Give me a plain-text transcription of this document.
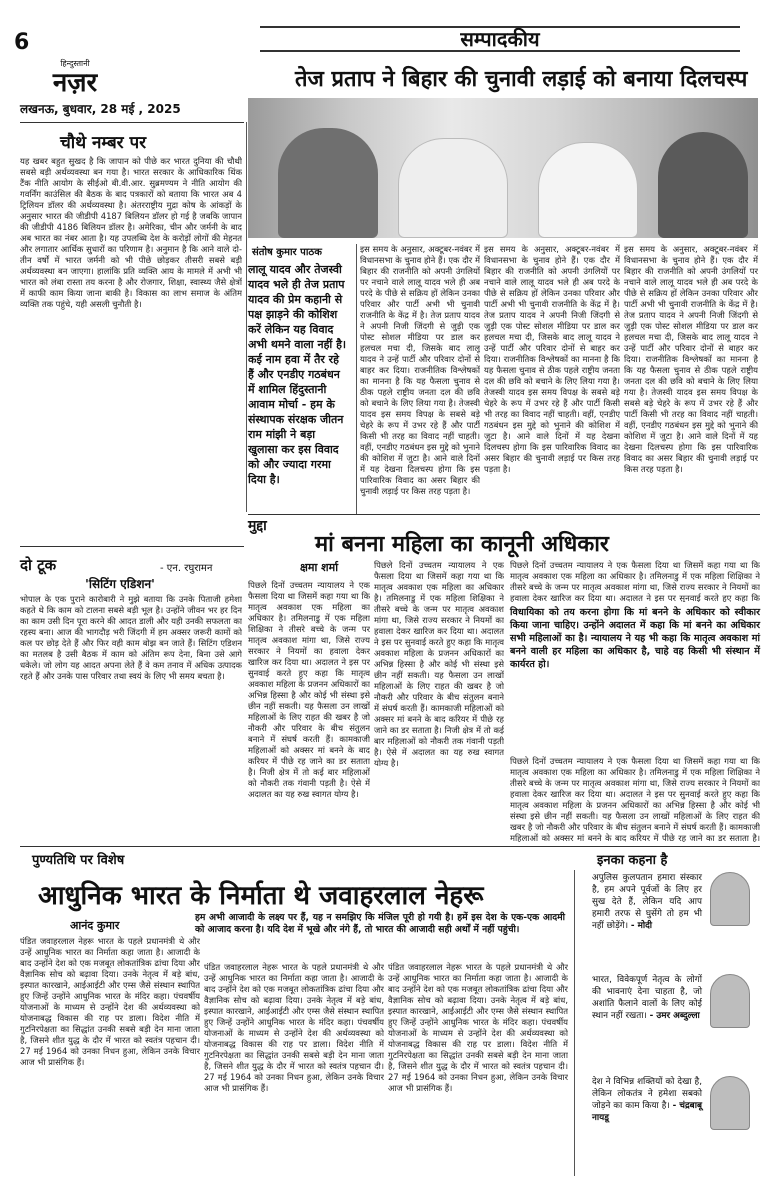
6	सम्पादकीय
हिन्दुस्तानी
नज़र
लखनऊ, बुधवार, 28 मई , 2025
तेज प्रताप ने बिहार की चुनावी लड़ाई को बनाया दिलचस्प
चौथे नम्बर पर
यह खबर बहुत सुखद है कि जापान को पीछे कर भारत दुनिया की चौथी सबसे बड़ी अर्थव्यवस्था बन गया है। भारत सरकार के आधिकारिक थिंक टैंक नीति आयोग के सीईओ बी.वी.आर. सुब्रमण्यम ने नीति आयोग की गवर्निंग काउंसिल की बैठक के बाद पत्रकारों को बताया कि भारत अब 4 ट्रिलियन डॉलर की अर्थव्यवस्था है। अंतरराष्ट्रीय मुद्रा कोष के आंकड़ों के अनुसार भारत की जीडीपी 4187 बिलियन डॉलर हो गई है जबकि जापान की जीडीपी 4186 बिलियन डॉलर है। अमेरिका, चीन और जर्मनी के बाद अब भारत का नंबर आता है। यह उपलब्धि देश के करोड़ों लोगों की मेहनत और लगातार आर्थिक सुधारों का परिणाम है। अनुमान है कि आने वाले दो-तीन वर्षों में भारत जर्मनी को भी पीछे छोड़कर तीसरी सबसे बड़ी अर्थव्यवस्था बन जाएगा। हालांकि प्रति व्यक्ति आय के मामले में अभी भी भारत को लंबा रास्ता तय करना है और रोजगार, शिक्षा, स्वास्थ्य जैसे क्षेत्रों में काफी काम किया जाना बाकी है। विकास का लाभ समाज के अंतिम व्यक्ति तक पहुंचे, यही असली चुनौती है।
संतोष कुमार पाठक
लालू यादव और तेजस्वी यादव भले ही तेज प्रताप यादव की प्रेम कहानी से पक्ष झाड़ने की कोशिश करें लेकिन यह विवाद अभी थमने वाला नहीं है। कई नाम हवा में तैर रहे हैं और एनडीए गठबंधन में शामिल हिंदुस्तानी आवाम मोर्चा - हम के संस्थापक संरक्षक जीतन राम मांझी ने बड़ा खुलासा कर इस विवाद को और ज्यादा गरमा दिया है।
इस समय के अनुसार, अक्टूबर-नवंबर में विधानसभा के चुनाव होने हैं। एक दौर में बिहार की राजनीति को अपनी उंगलियों पर नचाने वाले लालू यादव भले ही अब परदे के पीछे से सक्रिय हों लेकिन उनका परिवार और पार्टी अभी भी चुनावी राजनीति के केंद्र में है। तेज प्रताप यादव ने अपनी निजी जिंदगी से जुड़ी एक पोस्ट सोशल मीडिया पर डाल कर हलचल मचा दी, जिसके बाद लालू यादव ने उन्हें पार्टी और परिवार दोनों से बाहर कर दिया। राजनीतिक विश्लेषकों का मानना है कि यह फैसला चुनाव से ठीक पहले राष्ट्रीय जनता दल की छवि को बचाने के लिए लिया गया है। तेजस्वी यादव इस समय विपक्ष के सबसे बड़े चेहरे के रूप में उभर रहे हैं और पार्टी किसी भी तरह का विवाद नहीं चाहती। वहीं, एनडीए गठबंधन इस मुद्दे को भुनाने की कोशिश में जुटा है। आने वाले दिनों में यह देखना दिलचस्प होगा कि इस पारिवारिक विवाद का असर बिहार की चुनावी लड़ाई पर किस तरह पड़ता है।
इस समय के अनुसार, अक्टूबर-नवंबर में विधानसभा के चुनाव होने हैं। एक दौर में बिहार की राजनीति को अपनी उंगलियों पर नचाने वाले लालू यादव भले ही अब परदे के पीछे से सक्रिय हों लेकिन उनका परिवार और पार्टी अभी भी चुनावी राजनीति के केंद्र में है। तेज प्रताप यादव ने अपनी निजी जिंदगी से जुड़ी एक पोस्ट सोशल मीडिया पर डाल कर हलचल मचा दी, जिसके बाद लालू यादव ने उन्हें पार्टी और परिवार दोनों से बाहर कर दिया। राजनीतिक विश्लेषकों का मानना है कि यह फैसला चुनाव से ठीक पहले राष्ट्रीय जनता दल की छवि को बचाने के लिए लिया गया है। तेजस्वी यादव इस समय विपक्ष के सबसे बड़े चेहरे के रूप में उभर रहे हैं और पार्टी किसी भी तरह का विवाद नहीं चाहती। वहीं, एनडीए गठबंधन इस मुद्दे को भुनाने की कोशिश में जुटा है। आने वाले दिनों में यह देखना दिलचस्प होगा कि इस पारिवारिक विवाद का असर बिहार की चुनावी लड़ाई पर किस तरह पड़ता है।
इस समय के अनुसार, अक्टूबर-नवंबर में विधानसभा के चुनाव होने हैं। एक दौर में बिहार की राजनीति को अपनी उंगलियों पर नचाने वाले लालू यादव भले ही अब परदे के पीछे से सक्रिय हों लेकिन उनका परिवार और पार्टी अभी भी चुनावी राजनीति के केंद्र में है। तेज प्रताप यादव ने अपनी निजी जिंदगी से जुड़ी एक पोस्ट सोशल मीडिया पर डाल कर हलचल मचा दी, जिसके बाद लालू यादव ने उन्हें पार्टी और परिवार दोनों से बाहर कर दिया। राजनीतिक विश्लेषकों का मानना है कि यह फैसला चुनाव से ठीक पहले राष्ट्रीय जनता दल की छवि को बचाने के लिए लिया गया है। तेजस्वी यादव इस समय विपक्ष के सबसे बड़े चेहरे के रूप में उभर रहे हैं और पार्टी किसी भी तरह का विवाद नहीं चाहती। वहीं, एनडीए गठबंधन इस मुद्दे को भुनाने की कोशिश में जुटा है। आने वाले दिनों में यह देखना दिलचस्प होगा कि इस पारिवारिक विवाद का असर बिहार की चुनावी लड़ाई पर किस तरह पड़ता है।
दो टूक	- एन. रघुरामन
'सिटिंग एडिशन'
भोपाल के एक पुराने कारोबारी ने मुझे बताया कि उनके पिताजी हमेशा कहते थे कि काम को टालना सबसे बड़ी भूल है। उन्होंने जीवन भर हर दिन का काम उसी दिन पूरा करने की आदत डाली और यही उनकी सफलता का रहस्य बना। आज की भागदौड़ भरी जिंदगी में हम अक्सर जरूरी कामों को कल पर छोड़ देते हैं और फिर वही काम बोझ बन जाते हैं। सिटिंग एडिशन का मतलब है उसी बैठक में काम को अंतिम रूप देना, बिना उसे आगे धकेले। जो लोग यह आदत अपना लेते हैं वे कम तनाव में अधिक उत्पादक रहते हैं और उनके पास परिवार तथा स्वयं के लिए भी समय बचता है।
मुद्दा
मां बनना महिला का कानूनी अधिकार
क्षमा शर्मा
पिछले दिनों उच्चतम न्यायालय ने एक फैसला दिया था जिसमें कहा गया था कि मातृत्व अवकाश एक महिला का अधिकार है। तमिलनाडु में एक महिला शिक्षिका ने तीसरे बच्चे के जन्म पर मातृत्व अवकाश मांगा था, जिसे राज्य सरकार ने नियमों का हवाला देकर खारिज कर दिया था। अदालत ने इस पर सुनवाई करते हुए कहा कि मातृत्व अवकाश महिला के प्रजनन अधिकारों का अभिन्न हिस्सा है और कोई भी संस्था इसे छीन नहीं सकती। यह फैसला उन लाखों महिलाओं के लिए राहत की खबर है जो नौकरी और परिवार के बीच संतुलन बनाने में संघर्ष करती हैं। कामकाजी महिलाओं को अक्सर मां बनने के बाद करियर में पीछे रह जाने का डर सताता है। निजी क्षेत्र में तो कई बार महिलाओं को नौकरी तक गंवानी पड़ती है। ऐसे में अदालत का यह रुख स्वागत योग्य है।
पिछले दिनों उच्चतम न्यायालय ने एक फैसला दिया था जिसमें कहा गया था कि मातृत्व अवकाश एक महिला का अधिकार है। तमिलनाडु में एक महिला शिक्षिका ने तीसरे बच्चे के जन्म पर मातृत्व अवकाश मांगा था, जिसे राज्य सरकार ने नियमों का हवाला देकर खारिज कर दिया था। अदालत ने इस पर सुनवाई करते हुए कहा कि मातृत्व अवकाश महिला के प्रजनन अधिकारों का अभिन्न हिस्सा है और कोई भी संस्था इसे छीन नहीं सकती। यह फैसला उन लाखों महिलाओं के लिए राहत की खबर है जो नौकरी और परिवार के बीच संतुलन बनाने में संघर्ष करती हैं। कामकाजी महिलाओं को अक्सर मां बनने के बाद करियर में पीछे रह जाने का डर सताता है। निजी क्षेत्र में तो कई बार महिलाओं को नौकरी तक गंवानी पड़ती है। ऐसे में अदालत का यह रुख स्वागत योग्य है।
विधायिका को तय करना होगा कि मां बनने के अधिकार को स्वीकार किया जाना चाहिए। उन्होंने अदालत में कहा कि मां बनने का अधिकार सभी महिलाओं का है। न्यायालय ने यह भी कहा कि मातृत्व अवकाश मां बनने वाली हर महिला का अधिकार है, चाहे वह किसी भी संस्थान में कार्यरत हो।
पिछले दिनों उच्चतम न्यायालय ने एक फैसला दिया था जिसमें कहा गया था कि मातृत्व अवकाश एक महिला का अधिकार है। तमिलनाडु में एक महिला शिक्षिका ने तीसरे बच्चे के जन्म पर मातृत्व अवकाश मांगा था, जिसे राज्य सरकार ने नियमों का हवाला देकर खारिज कर दिया था। अदालत ने इस पर सुनवाई करते हुए कहा कि
पिछले दिनों उच्चतम न्यायालय ने एक फैसला दिया था जिसमें कहा गया था कि मातृत्व अवकाश एक महिला का अधिकार है। तमिलनाडु में एक महिला शिक्षिका ने तीसरे बच्चे के जन्म पर मातृत्व अवकाश मांगा था, जिसे राज्य सरकार ने नियमों का हवाला देकर खारिज कर दिया था। अदालत ने इस पर सुनवाई करते हुए कहा कि मातृत्व अवकाश महिला के प्रजनन अधिकारों का अभिन्न हिस्सा है और कोई भी संस्था इसे छीन नहीं सकती। यह फैसला उन लाखों महिलाओं के लिए राहत की खबर है जो नौकरी और परिवार के बीच संतुलन बनाने में संघर्ष करती हैं। कामकाजी महिलाओं को अक्सर मां बनने के बाद करियर में पीछे रह जाने का डर सताता है।
पुण्यतिथि पर विशेष	इनका कहना है
आधुनिक भारत के निर्माता थे जवाहरलाल नेहरू
आनंद कुमार
हम अभी आजादी के लक्ष्य पर हैं, यह न समझिए कि मंजिल पूरी हो गयी है। हमें इस देश के एक-एक आदमी को आजाद करना है। यदि देश में भूखे और नंगे हैं, तो भारत की आजादी सही अर्थों में नहीं पहुंची।
पंडित जवाहरलाल नेहरू भारत के पहले प्रधानमंत्री थे और उन्हें आधुनिक भारत का निर्माता कहा जाता है। आजादी के बाद उन्होंने देश को एक मजबूत लोकतांत्रिक ढांचा दिया और वैज्ञानिक सोच को बढ़ावा दिया। उनके नेतृत्व में बड़े बांध, इस्पात कारखाने, आईआईटी और एम्स जैसे संस्थान स्थापित हुए जिन्हें उन्होंने आधुनिक भारत के मंदिर कहा। पंचवर्षीय योजनाओं के माध्यम से उन्होंने देश की अर्थव्यवस्था को योजनाबद्ध विकास की राह पर डाला। विदेश नीति में गुटनिरपेक्षता का सिद्धांत उनकी सबसे बड़ी देन माना जाता है, जिसने शीत युद्ध के दौर में भारत को स्वतंत्र पहचान दी। 27 मई 1964 को उनका निधन हुआ, लेकिन उनके विचार आज भी प्रासंगिक हैं।
पंडित जवाहरलाल नेहरू भारत के पहले प्रधानमंत्री थे और उन्हें आधुनिक भारत का निर्माता कहा जाता है। आजादी के बाद उन्होंने देश को एक मजबूत लोकतांत्रिक ढांचा दिया और वैज्ञानिक सोच को बढ़ावा दिया। उनके नेतृत्व में बड़े बांध, इस्पात कारखाने, आईआईटी और एम्स जैसे संस्थान स्थापित हुए जिन्हें उन्होंने आधुनिक भारत के मंदिर कहा। पंचवर्षीय योजनाओं के माध्यम से उन्होंने देश की अर्थव्यवस्था को योजनाबद्ध विकास की राह पर डाला। विदेश नीति में गुटनिरपेक्षता का सिद्धांत उनकी सबसे बड़ी देन माना जाता है, जिसने शीत युद्ध के दौर में भारत को स्वतंत्र पहचान दी। 27 मई 1964 को उनका निधन हुआ, लेकिन उनके विचार आज भी प्रासंगिक हैं।
पंडित जवाहरलाल नेहरू भारत के पहले प्रधानमंत्री थे और उन्हें आधुनिक भारत का निर्माता कहा जाता है। आजादी के बाद उन्होंने देश को एक मजबूत लोकतांत्रिक ढांचा दिया और वैज्ञानिक सोच को बढ़ावा दिया। उनके नेतृत्व में बड़े बांध, इस्पात कारखाने, आईआईटी और एम्स जैसे संस्थान स्थापित हुए जिन्हें उन्होंने आधुनिक भारत के मंदिर कहा। पंचवर्षीय योजनाओं के माध्यम से उन्होंने देश की अर्थव्यवस्था को योजनाबद्ध विकास की राह पर डाला। विदेश नीति में गुटनिरपेक्षता का सिद्धांत उनकी सबसे बड़ी देन माना जाता है, जिसने शीत युद्ध के दौर में भारत को स्वतंत्र पहचान दी। 27 मई 1964 को उनका निधन हुआ, लेकिन उनके विचार आज भी प्रासंगिक हैं।
अपुलिस कुलपतान हमारा संस्कार है, हम अपने पूर्वजों के लिए हर सुख देते हैं, लेकिन यदि आप हमारी तरफ से घुसेंगे तो हम भी नहीं छोड़ेंगे। - मोदी
भारत, विवेकपूर्ण नेतृत्व के लोगों की भावनाएं देना चाहता है, जो अशांति फैलाने वालों के लिए कोई स्थान नहीं रखता। - उमर अब्दुल्ला
देश ने विभिन्न शक्तियों को देखा है, लेकिन लोकतंत्र ने हमेशा सबको जोड़ने का काम किया है। - चंद्रबाबू नायडू
